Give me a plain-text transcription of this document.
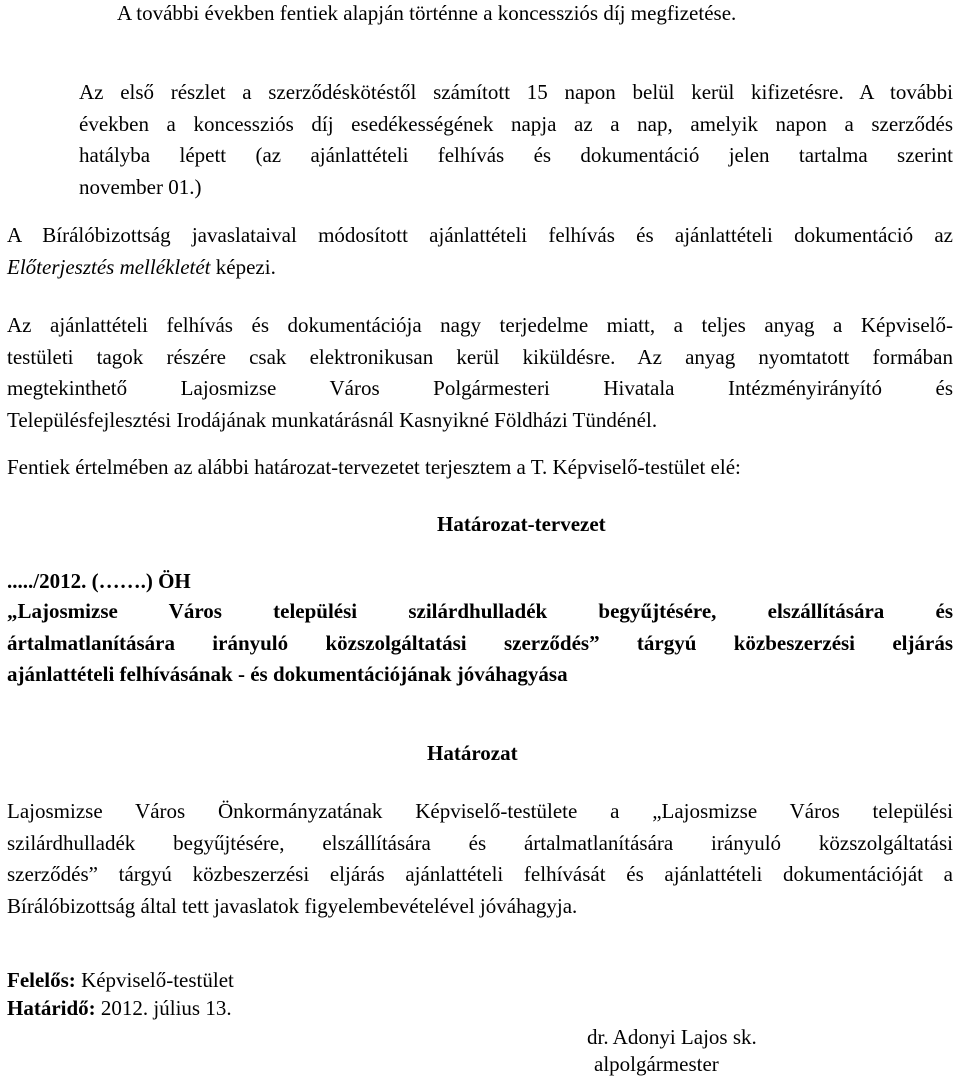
A további években fentiek alapján történne a koncessziós díj megfizetése.
Az első részlet a szerződéskötéstől számított 15 napon belül kerül kifizetésre. A további
években a koncessziós díj esedékességének napja az a nap, amelyik napon a szerződés
hatályba lépett (az ajánlattételi felhívás és dokumentáció jelen tartalma szerint
november 01.)
A Bírálóbizottság javaslataival módosított ajánlattételi felhívás és ajánlattételi dokumentáció az
Előterjesztés mellékletét képezi.
Az ajánlattételi felhívás és dokumentációja nagy terjedelme miatt, a teljes anyag a Képviselő-
testületi tagok részére csak elektronikusan kerül kiküldésre. Az anyag nyomtatott formában
megtekinthető Lajosmizse Város Polgármesteri Hivatala Intézményirányító és
Településfejlesztési Irodájának munkatárásnál Kasnyikné Földházi Tündénél.
Fentiek értelmében az alábbi határozat-tervezetet terjesztem a T. Képviselő-testület elé:
Határozat-tervezet
...../2012. (…….) ÖH
„Lajosmizse Város települési szilárdhulladék begyűjtésére, elszállítására és
ártalmatlanítására irányuló közszolgáltatási szerződés” tárgyú közbeszerzési eljárás
ajánlattételi felhívásának - és dokumentációjának jóváhagyása
Határozat
Lajosmizse Város Önkormányzatának Képviselő-testülete a „Lajosmizse Város települési
szilárdhulladék begyűjtésére, elszállítására és ártalmatlanítására irányuló közszolgáltatási
szerződés” tárgyú közbeszerzési eljárás ajánlattételi felhívását és ajánlattételi dokumentációját a
Bírálóbizottság által tett javaslatok figyelembevételével jóváhagyja.
Felelős: Képviselő-testület
Határidő: 2012. július 13.
dr. Adonyi Lajos sk.
alpolgármester
